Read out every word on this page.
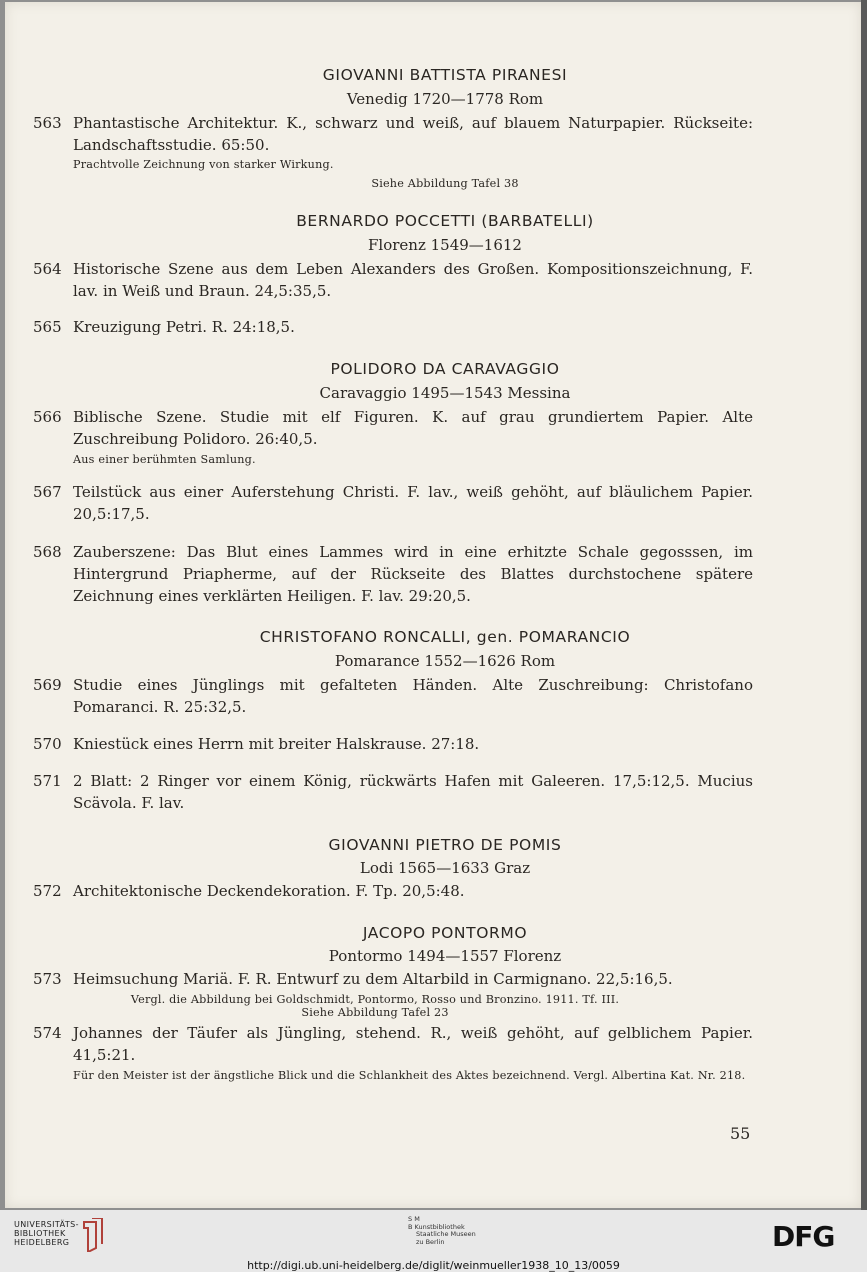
GIOVANNI BATTISTA PIRANESI
Venedig 1720—1778 Rom
563 Phantastische Architektur. K., schwarz und weiß, auf blauem Naturpapier. Rückseite: Landschaftsstudie. 65:50.
Prachtvolle Zeichnung von starker Wirkung.
Siehe Abbildung Tafel 38
BERNARDO POCCETTI (BARBATELLI)
Florenz 1549—1612
564 Historische Szene aus dem Leben Alexanders des Großen. Kompositionszeichnung, F. lav. in Weiß und Braun. 24,5:35,5.
565 Kreuzigung Petri. R. 24:18,5.
POLIDORO DA CARAVAGGIO
Caravaggio 1495—1543 Messina
566 Biblische Szene. Studie mit elf Figuren. K. auf grau grundiertem Papier. Alte Zuschreibung Polidoro. 26:40,5.
Aus einer berühmten Samlung.
567 Teilstück aus einer Auferstehung Christi. F. lav., weiß gehöht, auf bläulichem Papier. 20,5:17,5.
568 Zauberszene: Das Blut eines Lammes wird in eine erhitzte Schale gegosssen, im Hintergrund Priapherme, auf der Rückseite des Blattes durchstochene spätere Zeichnung eines verklärten Heiligen. F. lav. 29:20,5.
CHRISTOFANO RONCALLI, gen. POMARANCIO
Pomarance 1552—1626 Rom
569 Studie eines Jünglings mit gefalteten Händen. Alte Zuschreibung: Christofano Pomaranci. R. 25:32,5.
570 Kniestück eines Herrn mit breiter Halskrause. 27:18.
571 2 Blatt: 2 Ringer vor einem König, rückwärts Hafen mit Galeeren. 17,5:12,5. Mucius Scävola. F. lav.
GIOVANNI PIETRO DE POMIS
Lodi 1565—1633 Graz
572 Architektonische Deckendekoration. F. Tp. 20,5:48.
JACOPO PONTORMO
Pontormo 1494—1557 Florenz
573 Heimsuchung Mariä. F. R. Entwurf zu dem Altarbild in Carmignano. 22,5:16,5.
Vergl. die Abbildung bei Goldschmidt, Pontormo, Rosso und Bronzino. 1911. Tf. III.
Siehe Abbildung Tafel 23
574 Johannes der Täufer als Jüngling, stehend. R., weiß gehöht, auf gelblichem Papier. 41,5:21.
Für den Meister ist der ängstliche Blick und die Schlankheit des Aktes bezeichnend. Vergl. Albertina Kat. Nr. 218.
55
UNIVERSITÄTS-
BIBLIOTHEK
HEIDELBERG
S M
B Kunstbibliothek
Staatliche Museen
zu Berlin	DFG
http://digi.ub.uni-heidelberg.de/diglit/weinmueller1938_10_13/0059
